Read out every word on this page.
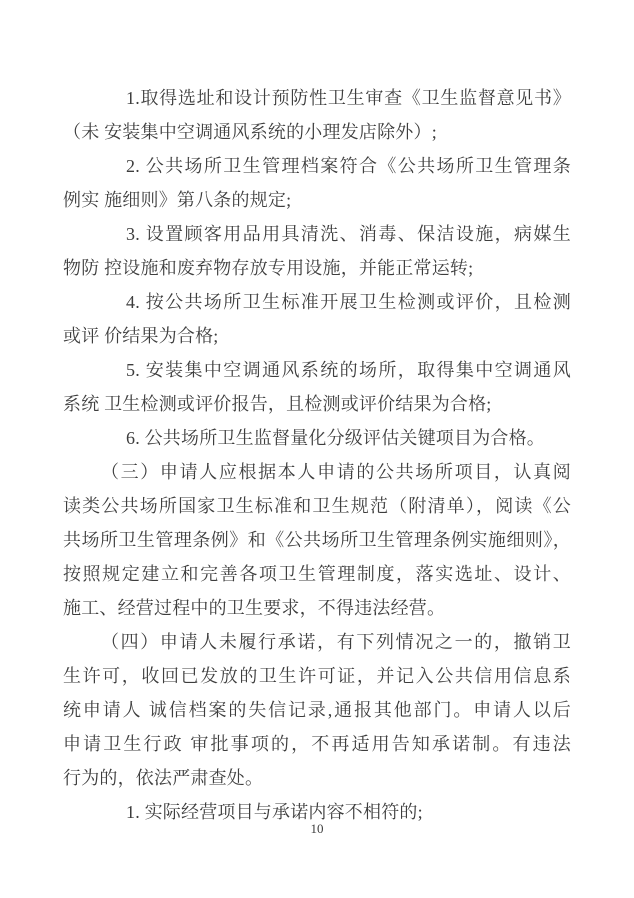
1.取得选址和设计预防性卫生审查《卫生监督意见书》
（未 安装集中空调通风系统的小理发店除外）;
2. 公共场所卫生管理档案符合《公共场所卫生管理条
例实 施细则》第八条的规定;
3. 设置顾客用品用具清洗、消毒、保洁设施，病媒生
物防 控设施和废弃物存放专用设施，并能正常运转;
4. 按公共场所卫生标准开展卫生检测或评价，且检测
或评 价结果为合格;
5. 安装集中空调通风系统的场所，取得集中空调通风
系统 卫生检测或评价报告，且检测或评价结果为合格;
6. 公共场所卫生监督量化分级评估关键项目为合格。
（三）申请人应根据本人申请的公共场所项目，认真阅
读类公共场所国家卫生标准和卫生规范（附清单），阅读《公
共场所卫生管理条例》和《公共场所卫生管理条例实施细则》，
按照规定建立和完善各项卫生管理制度，落实选址、设计、
施工、经营过程中的卫生要求，不得违法经营。
（四）申请人未履行承诺，有下列情况之一的，撤销卫
生许可，收回已发放的卫生许可证，并记入公共信用信息系
统申请人 诚信档案的失信记录,通报其他部门。申请人以后
申请卫生行政 审批事项的，不再适用告知承诺制。有违法
行为的，依法严肃查处。
1. 实际经营项目与承诺内容不相符的;
10
